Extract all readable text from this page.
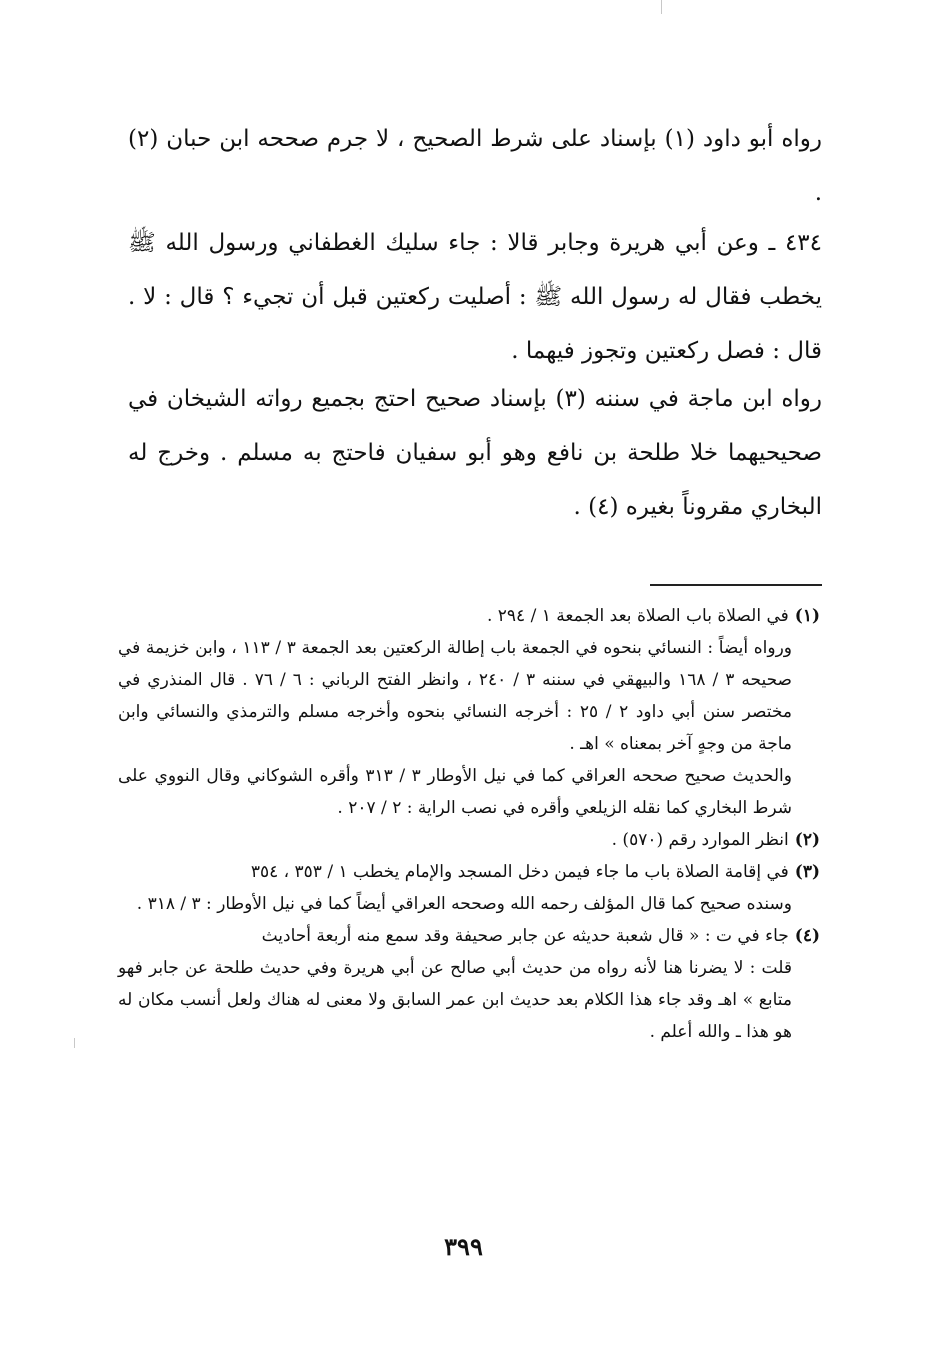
رواه أبو داود (١) بإسناد على شرط الصحيح ، لا جرم صححه ابن حبان (٢) .

٤٣٤ ـ وعن أبي هريرة وجابر قالا : جاء سليك الغطفاني ورسول الله ﷺ يخطب فقال له رسول الله ﷺ : أصليت ركعتين قبل أن تجيء ؟ قال : لا . قال : فصل ركعتين وتجوز فيهما .

رواه ابن ماجة في سننه (٣) بإسناد صحيح احتج بجميع رواته الشيخان في صحيحيهما خلا طلحة بن نافع وهو أبو سفيان فاحتج به مسلم . وخرج له البخاري مقروناً بغيره (٤) .

(١)في الصلاة باب الصلاة بعد الجمعة ١ / ٢٩٤ .
ورواه أيضاً : النسائي بنحوه في الجمعة باب إطالة الركعتين بعد الجمعة ٣ / ١١٣ ، وابن خزيمة في صحيحه ٣ / ١٦٨ والبيهقي في سننه ٣ / ٢٤٠ ، وانظر الفتح الرباني : ٦ / ٧٦ . قال المنذري في مختصر سنن أبي داود ٢ / ٢٥ : أخرجه النسائي بنحوه وأخرجه مسلم والترمذي والنسائي وابن ماجة من وجهٍ آخر بمعناه » اهـ .
والحديث صحيح صححه العراقي كما في نيل الأوطار ٣ / ٣١٣ وأقره الشوكاني وقال النووي على شرط البخاري كما نقله الزيلعي وأقره في نصب الراية : ٢ / ٢٠٧ .
(٢)انظر الموارد رقم (٥٧٠) .
(٣)في إقامة الصلاة باب ما جاء فيمن دخل المسجد والإمام يخطب ١ / ٣٥٣ ، ٣٥٤
وسنده صحيح كما قال المؤلف رحمه الله وصححه العراقي أيضاً كما في نيل الأوطار : ٣ / ٣١٨ .
(٤)جاء في ت : « قال شعبة حديثه عن جابر صحيفة وقد سمع منه أربعة أحاديث
قلت : لا يضرنا هنا لأنه رواه من حديث أبي صالح عن أبي هريرة وفي حديث طلحة عن جابر فهو متابع » اهـ وقد جاء هذا الكلام بعد حديث ابن عمر السابق ولا معنى له هناك ولعل أنسب مكان له هو هذا ـ والله أعلم .
٣٩٩
